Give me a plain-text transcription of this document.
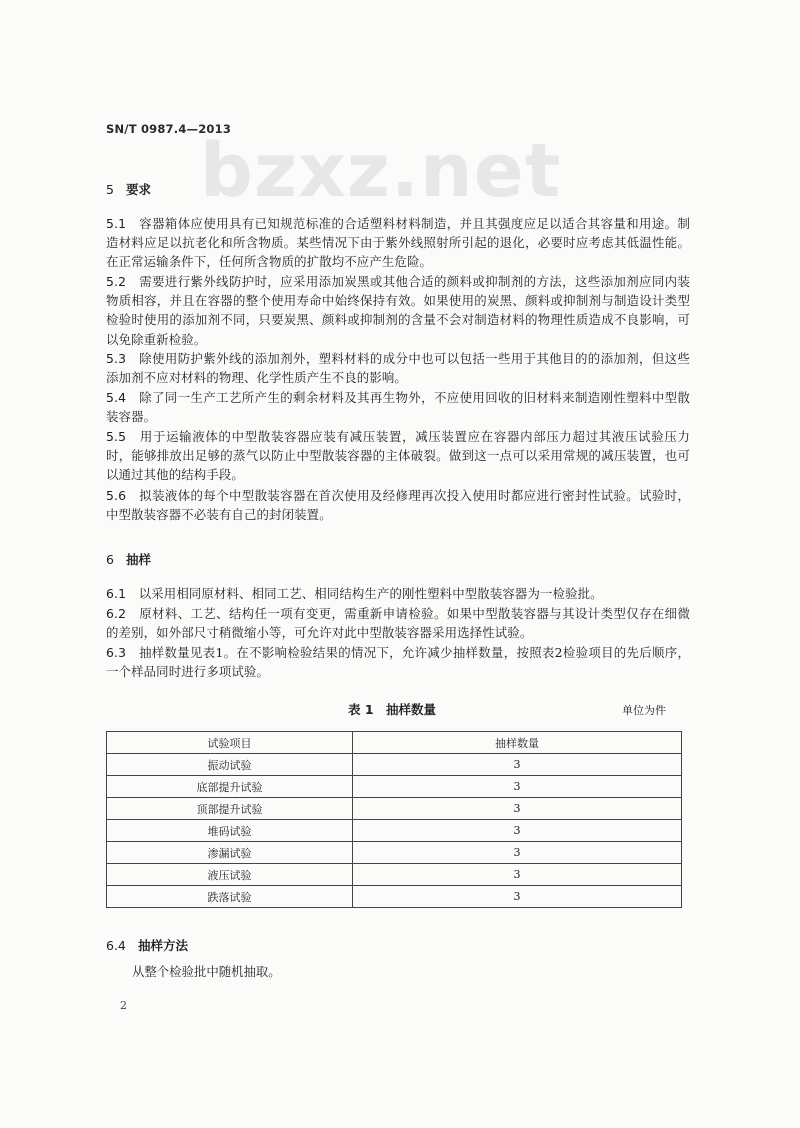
SN/T 0987.4—2013
bzxz.net
5 要求
5.1　 容器箱体应使用具有已知规范标准的合适塑料材料制造，并且其强度应足以适合其容量和用途。制造材料应足以抗老化和所含物质。某些情况下由于紫外线照射所引起的退化，必要时应考虑其低温性能。在正常运输条件下，任何所含物质的扩散均不应产生危险。
5.2　 需要进行紫外线防护时，应采用添加炭黑或其他合适的颜料或抑制剂的方法，这些添加剂应同内装物质相容，并且在容器的整个使用寿命中始终保持有效。如果使用的炭黑、颜料或抑制剂与制造设计类型检验时使用的添加剂不同，只要炭黑、颜料或抑制剂的含量不会对制造材料的物理性质造成不良影响，可以免除重新检验。
5.3　 除使用防护紫外线的添加剂外，塑料材料的成分中也可以包括一些用于其他目的的添加剂，但这些添加剂不应对材料的物理、化学性质产生不良的影响。
5.4　 除了同一生产工艺所产生的剩余材料及其再生物外，不应使用回收的旧材料来制造刚性塑料中型散装容器。
5.5　 用于运输液体的中型散装容器应装有减压装置，减压装置应在容器内部压力超过其液压试验压力时，能够排放出足够的蒸气以防止中型散装容器的主体破裂。做到这一点可以采用常规的减压装置，也可以通过其他的结构手段。
5.6　 拟装液体的每个中型散装容器在首次使用及经修理再次投入使用时都应进行密封性试验。试验时，中型散装容器不必装有自己的封闭装置。
6 抽样
6.1　 以采用相同原材料、相同工艺、相同结构生产的刚性塑料中型散装容器为一检验批。
6.2　 原材料、工艺、结构任一项有变更，需重新申请检验。如果中型散装容器与其设计类型仅存在细微的差别，如外部尺寸稍微缩小等，可允许对此中型散装容器采用选择性试验。
6.3　 抽样数量见表1。在不影响检验结果的情况下，允许减少抽样数量，按照表2检验项目的先后顺序，一个样品同时进行多项试验。
表 1　抽样数量	单位为件
试验项目	抽样数量
振动试验	3
底部提升试验	3
顶部提升试验	3
堆码试验	3
渗漏试验	3
液压试验	3
跌落试验	3
6.4 抽样方法
从整个检验批中随机抽取。
2
